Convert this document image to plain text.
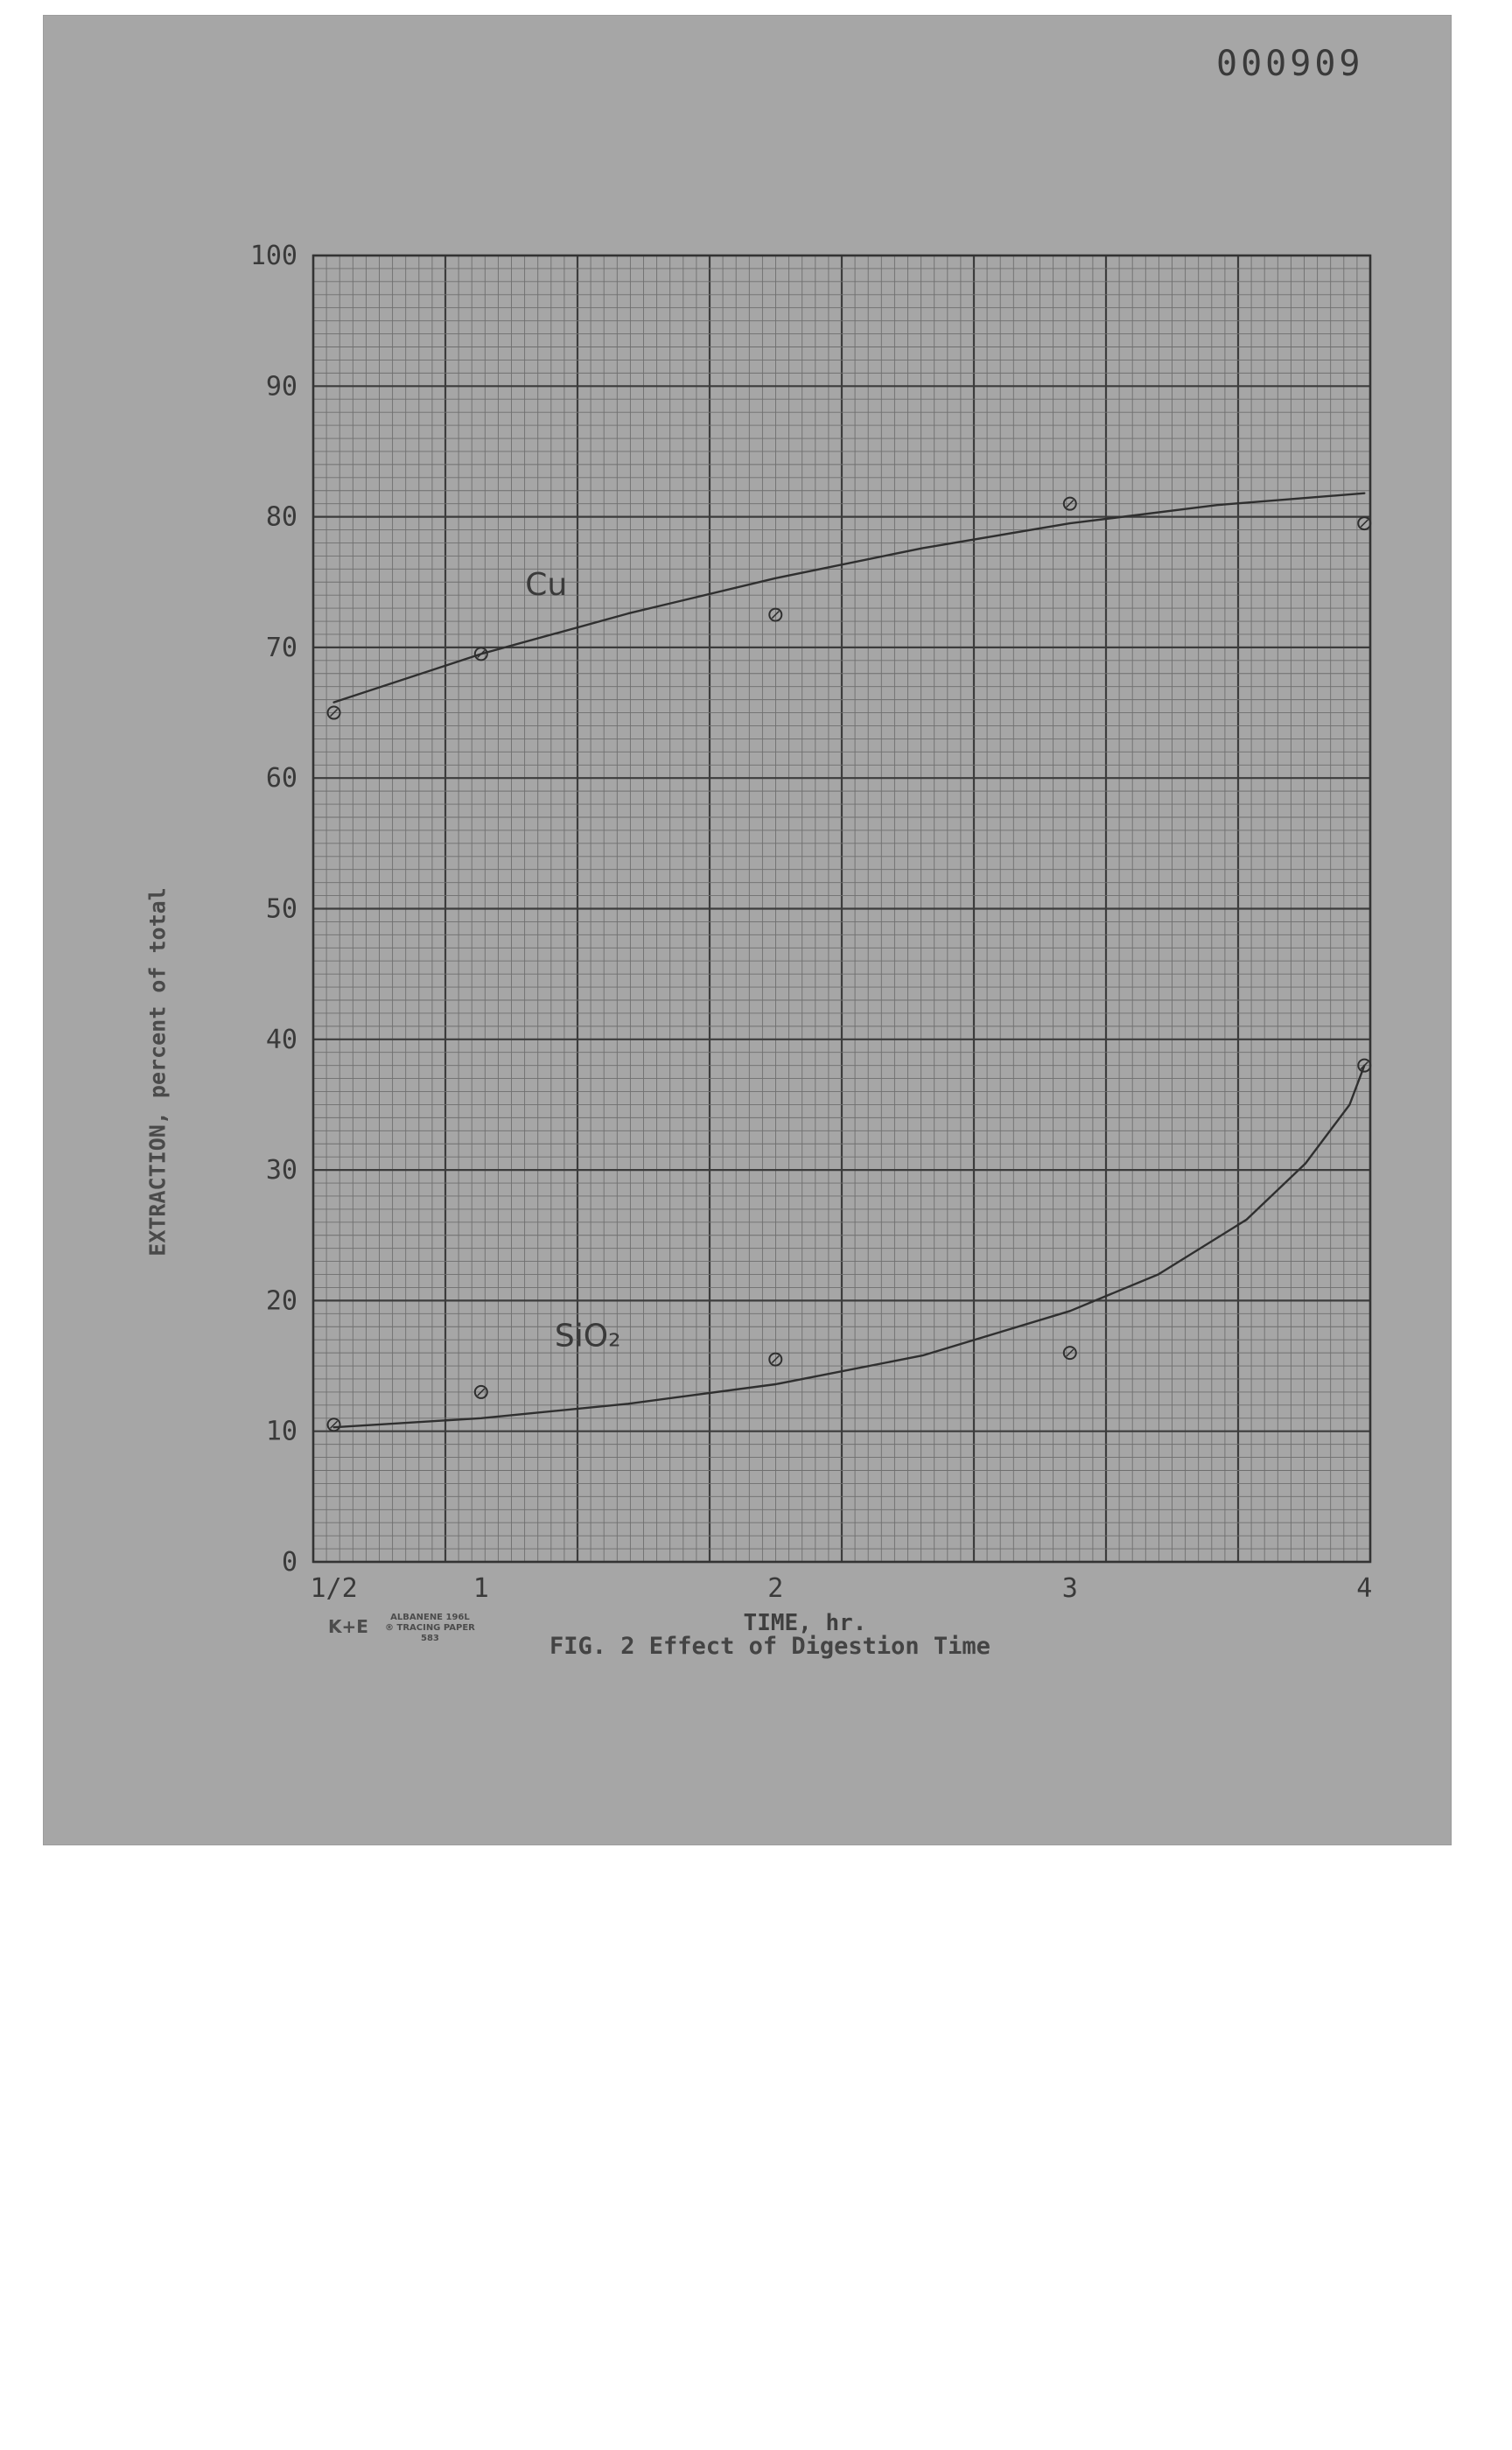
000909
0
10
20
30
40
50
60
70
80
90
100
1/2	1	2	3	4
Cu
SiO₂
EXTRACTION, percent of total
TIME, hr.
FIG. 2 Effect of Digestion Time
K+E	ALBANENE 196L
® TRACING PAPER
583
